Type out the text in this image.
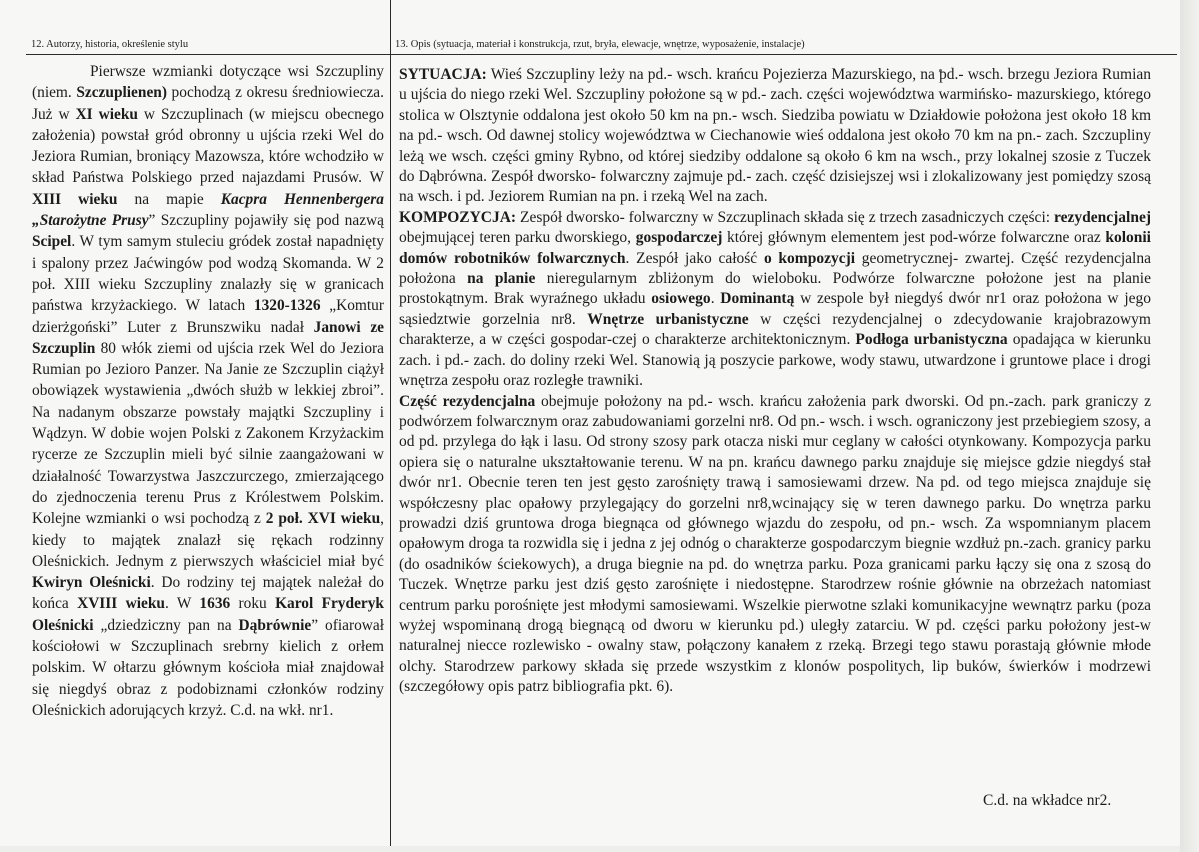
12. Autorzy, historia, określenie stylu

Pierwsze wzmianki dotyczące wsi Szczupliny (niem. Szczuplienen) pochodzą z okresu średniowiecza. Już w XI wieku w Szczuplinach (w miejscu obecnego założenia) powstał gród obronny u ujścia rzeki Wel do Jeziora Rumian, broniący Mazowsza, które wchodziło w skład Państwa Polskiego przed najazdami Prusów. W XIII wieku na mapie Kacpra Hennenbergera „Starożytne Prusy” Szczupliny pojawiły się pod nazwą Scipel. W tym samym stuleciu gródek został napadnięty i spalony przez Jaćwingów pod wodzą Skomanda. W 2 poł. XIII wieku Szczupliny znalazły się w granicach państwa krzyżackiego. W latach 1320-1326 „Komtur dzierżgoński” Luter z Brunszwiku nadał Janowi ze Szczuplin 80 włók ziemi od ujścia rzek Wel do Jeziora Rumian po Jezioro Panzer. Na Janie ze Szczuplin ciążył obowiązek wystawienia „dwóch służb w lekkiej zbroi”. Na nadanym obszarze powstały majątki Szczupliny i Wądzyn. W dobie wojen Polski z Zakonem Krzyżackim rycerze ze Szczuplin mieli być silnie zaangażowani w działalność Towarzystwa Jaszczurczego, zmierzającego do zjednoczenia terenu Prus z Królestwem Polskim. Kolejne wzmianki o wsi pochodzą z 2 poł. XVI wieku, kiedy to majątek znalazł się rękach rodzinny Oleśnickich. Jednym z pierwszych właściciel miał być Kwiryn Oleśnicki. Do rodziny tej majątek należał do końca XVIII wieku. W 1636 roku Karol Fryderyk Oleśnicki „dziedziczny pan na Dąbrównie” ofiarował kościołowi w Szczuplinach srebrny kielich z orłem polskim. W ołtarzu głównym kościoła miał znajdował się niegdyś obraz z podobiznami członków rodziny Oleśnickich adorujących krzyż. C.d. na wkł. nr1.

13. Opis (sytuacja, materiał i konstrukcja, rzut, bryła, elewacje, wnętrze, wyposażenie, instalacje)

SYTUACJA: Wieś Szczupliny leży na pd.- wsch. krańcu Pojezierza Mazurskiego, na pd.- wsch. brzegu Jeziora Rumian u ujścia do niego rzeki Wel. Szczupliny położone są w pd.- zach. części województwa warmińsko- mazurskiego, którego stolica w Olsztynie oddalona jest około 50 km na pn.- wsch. Siedziba powiatu w Działdowie położona jest około 18 km na pd.- wsch. Od dawnej stolicy województwa w Ciechanowie wieś oddalona jest około 70 km na pn.- zach. Szczupliny leżą we wsch. części gminy Rybno, od której siedziby oddalone są około 6 km na wsch., przy lokalnej szosie z Tuczek do Dąbrówna. Zespół dworsko- folwarczny zajmuje pd.- zach. część dzisiejszej wsi i zlokalizowany jest pomiędzy szosą na wsch. i pd. Jeziorem Rumian na pn. i rzeką Wel na zach.

KOMPOZYCJA: Zespół dworsko- folwarczny w Szczuplinach składa się z trzech zasadniczych części: rezydencjalnej obejmującej teren parku dworskiego, gospodarczej której głównym elementem jest pod-wórze folwarczne oraz kolonii domów robotników folwarcznych. Zespół jako całość o kompozycji geometrycznej- zwartej. Część rezydencjalna położona na planie nieregularnym zbliżonym do wieloboku. Podwórze folwarczne położone jest na planie prostokątnym. Brak wyraźnego układu osiowego. Dominantą w zespole był niegdyś dwór nr1 oraz położona w jego sąsiedztwie gorzelnia nr8. Wnętrze urbanistyczne w części rezydencjalnej o zdecydowanie krajobrazowym charakterze, a w części gospodar-czej o charakterze architektonicznym. Podłoga urbanistyczna opadająca w kierunku zach. i pd.- zach. do doliny rzeki Wel. Stanowią ją poszycie parkowe, wody stawu, utwardzone i gruntowe place i drogi wnętrza zespołu oraz rozległe trawniki.

Część rezydencjalna obejmuje położony na pd.- wsch. krańcu założenia park dworski. Od pn.-zach. park graniczy z podwórzem folwarcznym oraz zabudowaniami gorzelni nr8. Od pn.- wsch. i wsch. ograniczony jest przebiegiem szosy, a od pd. przylega do łąk i lasu. Od strony szosy park otacza niski mur ceglany w całości otynkowany. Kompozycja parku opiera się o naturalne ukształtowanie terenu. W na pn. krańcu dawnego parku znajduje się miejsce gdzie niegdyś stał dwór nr1. Obecnie teren ten jest gęsto zarośnięty trawą i samosiewami drzew. Na pd. od tego miejsca znajduje się współczesny plac opałowy przylegający do gorzelni nr8,wcinający się w teren dawnego parku. Do wnętrza parku prowadzi dziś gruntowa droga biegnąca od głównego wjazdu do zespołu, od pn.- wsch. Za wspomnianym placem opałowym droga ta rozwidla się i jedna z jej odnóg o charakterze gospodarczym biegnie wzdłuż pn.-zach. granicy parku (do osadników ściekowych), a druga biegnie na pd. do wnętrza parku. Poza granicami parku łączy się ona z szosą do Tuczek. Wnętrze parku jest dziś gęsto zarośnięte i niedostępne. Starodrzew rośnie głównie na obrzeżach natomiast centrum parku porośnięte jest młodymi samosiewami. Wszelkie pierwotne szlaki komunikacyjne wewnątrz parku (poza wyżej wspominaną drogą biegnącą od dworu w kierunku pd.) uległy zatarciu. W pd. części parku położony jest-w naturalnej niecce rozlewisko - owalny staw, połączony kanałem z rzeką. Brzegi tego stawu porastają głównie młode olchy. Starodrzew parkowy składa się przede wszystkim z klonów pospolitych, lip buków, świerków i modrzewi (szczegółowy opis patrz bibliografia pkt. 6).

C.d. na wkładce nr2.
